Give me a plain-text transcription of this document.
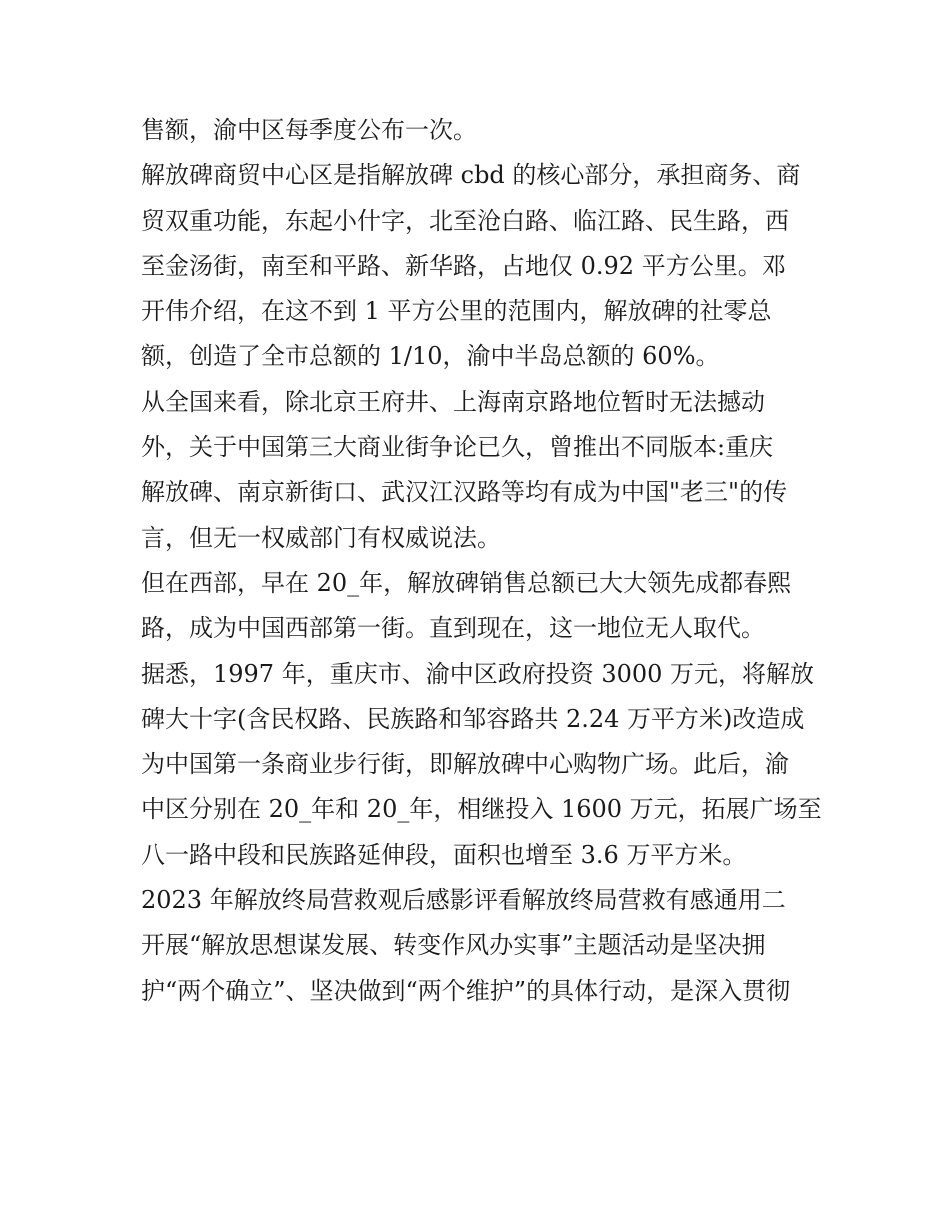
售额，渝中区每季度公布一次。
解放碑商贸中心区是指解放碑 cbd 的核心部分，承担商务、商
贸双重功能，东起小什字，北至沧白路、临江路、民生路，西
至金汤街，南至和平路、新华路，占地仅 0.92 平方公里。邓
开伟介绍，在这不到 1 平方公里的范围内，解放碑的社零总
额，创造了全市总额的 1/10，渝中半岛总额的 60%。
从全国来看，除北京王府井、上海南京路地位暂时无法撼动
外，关于中国第三大商业街争论已久，曾推出不同版本:重庆
解放碑、南京新街口、武汉江汉路等均有成为中国"老三"的传
言，但无一权威部门有权威说法。
但在西部，早在 20_年，解放碑销售总额已大大领先成都春熙
路，成为中国西部第一街。直到现在，这一地位无人取代。
据悉，1997 年，重庆市、渝中区政府投资 3000 万元，将解放
碑大十字(含民权路、民族路和邹容路共 2.24 万平方米)改造成
为中国第一条商业步行街，即解放碑中心购物广场。此后，渝
中区分别在 20_年和 20_年，相继投入 1600 万元，拓展广场至
八一路中段和民族路延伸段，面积也增至 3.6 万平方米。
2023 年解放终局营救观后感影评看解放终局营救有感通用二
开展“解放思想谋发展、转变作风办实事”主题活动是坚决拥
护“两个确立”、坚决做到“两个维护”的具体行动，是深入贯彻
